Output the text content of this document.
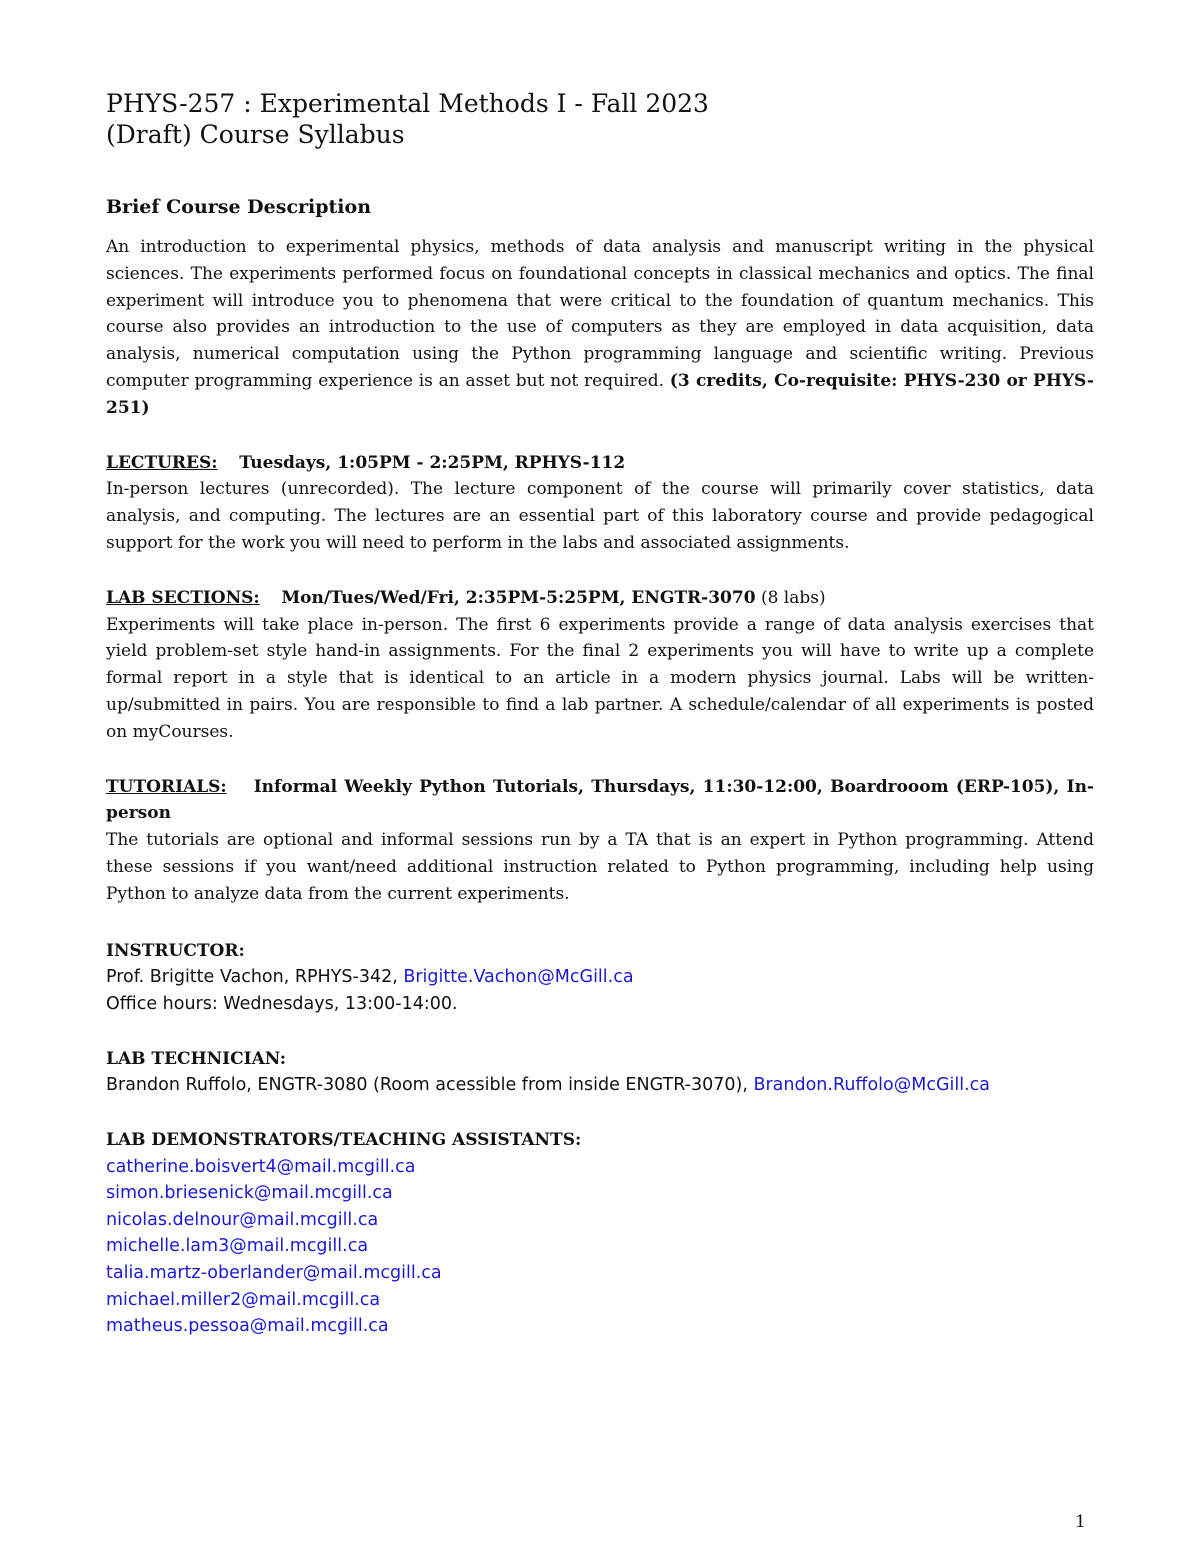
PHYS-257 : Experimental Methods I - Fall 2023
(Draft) Course Syllabus
Brief Course Description

An introduction to experimental physics, methods of data analysis and manuscript writing in the physical sciences. The experiments performed focus on foundational concepts in classical mechanics and optics. The final experiment will introduce you to phenomena that were critical to the foundation of quantum mechanics. This course also provides an introduction to the use of computers as they are employed in data acquisition, data analysis, numerical computation using the Python programming language and scientific writing. Previous computer programming experience is an asset but not required. (3 credits, Co-requisite: PHYS-230 or PHYS-251)

LECTURES: Tuesdays, 1:05PM - 2:25PM, RPHYS-112

In-person lectures (unrecorded). The lecture component of the course will primarily cover statistics, data analysis, and computing. The lectures are an essential part of this laboratory course and provide pedagogical support for the work you will need to perform in the labs and associated assignments.

LAB SECTIONS: Mon/Tues/Wed/Fri, 2:35PM-5:25PM, ENGTR-3070 (8 labs)

Experiments will take place in-person. The first 6 experiments provide a range of data analysis exercises that yield problem-set style hand-in assignments. For the final 2 experiments you will have to write up a complete formal report in a style that is identical to an article in a modern physics journal. Labs will be written-up/submitted in pairs. You are responsible to find a lab partner. A schedule/calendar of all experiments is posted on myCourses.

TUTORIALS: Informal Weekly Python Tutorials, Thursdays, 11:30-12:00, Boardrooom (ERP-105), In-person

The tutorials are optional and informal sessions run by a TA that is an expert in Python programming. Attend these sessions if you want/need additional instruction related to Python programming, including help using Python to analyze data from the current experiments.

INSTRUCTOR:
Prof. Brigitte Vachon, RPHYS-342, Brigitte.Vachon@McGill.ca
Office hours: Wednesdays, 13:00-14:00.
LAB TECHNICIAN:
Brandon Ruffolo, ENGTR-3080 (Room acessible from inside ENGTR-3070), Brandon.Ruffolo@McGill.ca
LAB DEMONSTRATORS/TEACHING ASSISTANTS:
catherine.boisvert4@mail.mcgill.ca
simon.briesenick@mail.mcgill.ca
nicolas.delnour@mail.mcgill.ca
michelle.lam3@mail.mcgill.ca
talia.martz-oberlander@mail.mcgill.ca
michael.miller2@mail.mcgill.ca
matheus.pessoa@mail.mcgill.ca
1
